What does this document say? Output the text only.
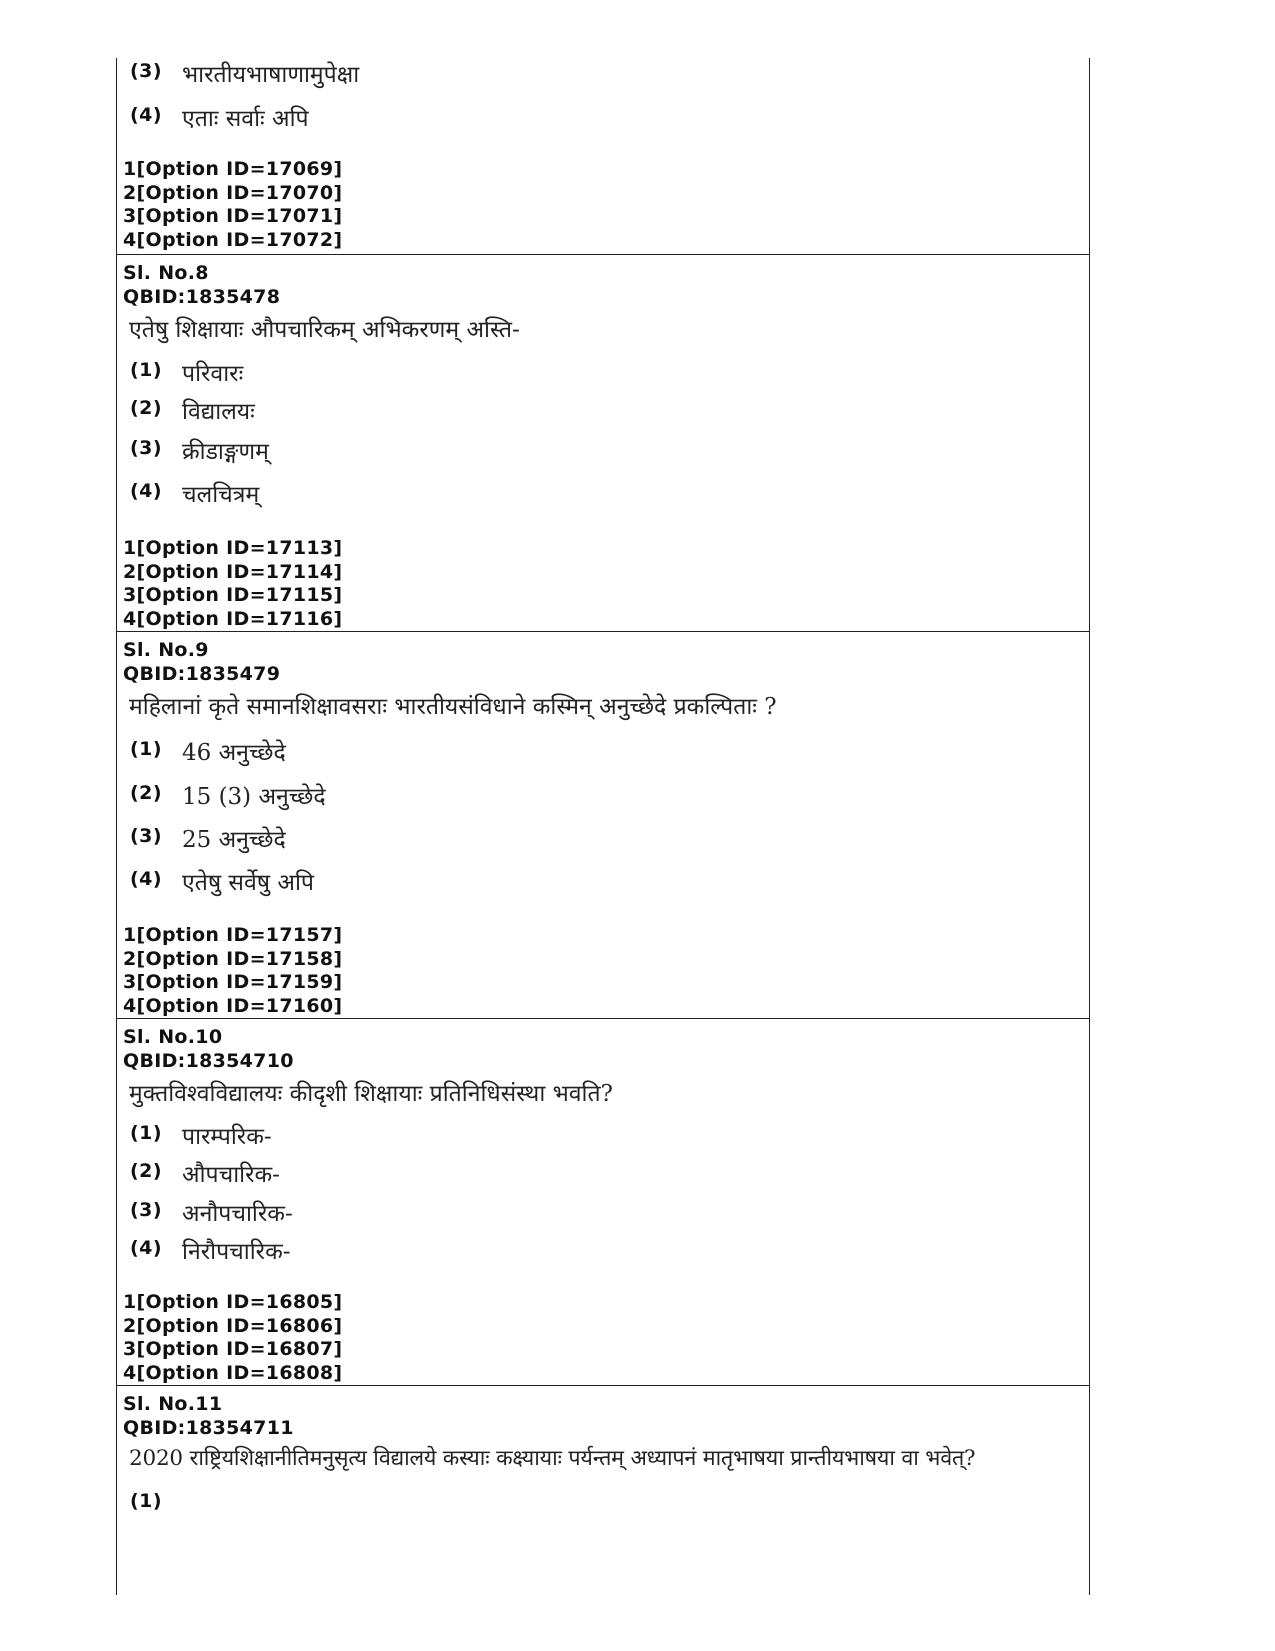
(3) भारतीयभाषाणामुपेक्षा
(4) एताः सर्वाः अपि
1[Option ID=17069]
2[Option ID=17070]
3[Option ID=17071]
4[Option ID=17072]
Sl. No.8
QBID:1835478
एतेषु शिक्षायाः औपचारिकम् अभिकरणम् अस्ति-
(1) परिवारः
(2) विद्यालयः
(3) क्रीडाङ्गणम्
(4) चलचित्रम्
1[Option ID=17113]
2[Option ID=17114]
3[Option ID=17115]
4[Option ID=17116]
Sl. No.9
QBID:1835479
महिलानां कृते समानशिक्षावसराः भारतीयसंविधाने कस्मिन् अनुच्छेदे प्रकल्पिताः ?
(1) 46 अनुच्छेदे
(2) 15 (3) अनुच्छेदे
(3) 25 अनुच्छेदे
(4) एतेषु सर्वेषु अपि
1[Option ID=17157]
2[Option ID=17158]
3[Option ID=17159]
4[Option ID=17160]
Sl. No.10
QBID:18354710
मुक्तविश्वविद्यालयः कीदृशी शिक्षायाः प्रतिनिधिसंस्था भवति?
(1) पारम्परिक-
(2) औपचारिक-
(3) अनौपचारिक-
(4) निरौपचारिक-
1[Option ID=16805]
2[Option ID=16806]
3[Option ID=16807]
4[Option ID=16808]
Sl. No.11
QBID:18354711
2020 राष्ट्रियशिक्षानीतिमनुसृत्य विद्यालये कस्याः कक्ष्यायाः पर्यन्तम् अध्यापनं मातृभाषया प्रान्तीयभाषया वा भवेत्?
(1)
